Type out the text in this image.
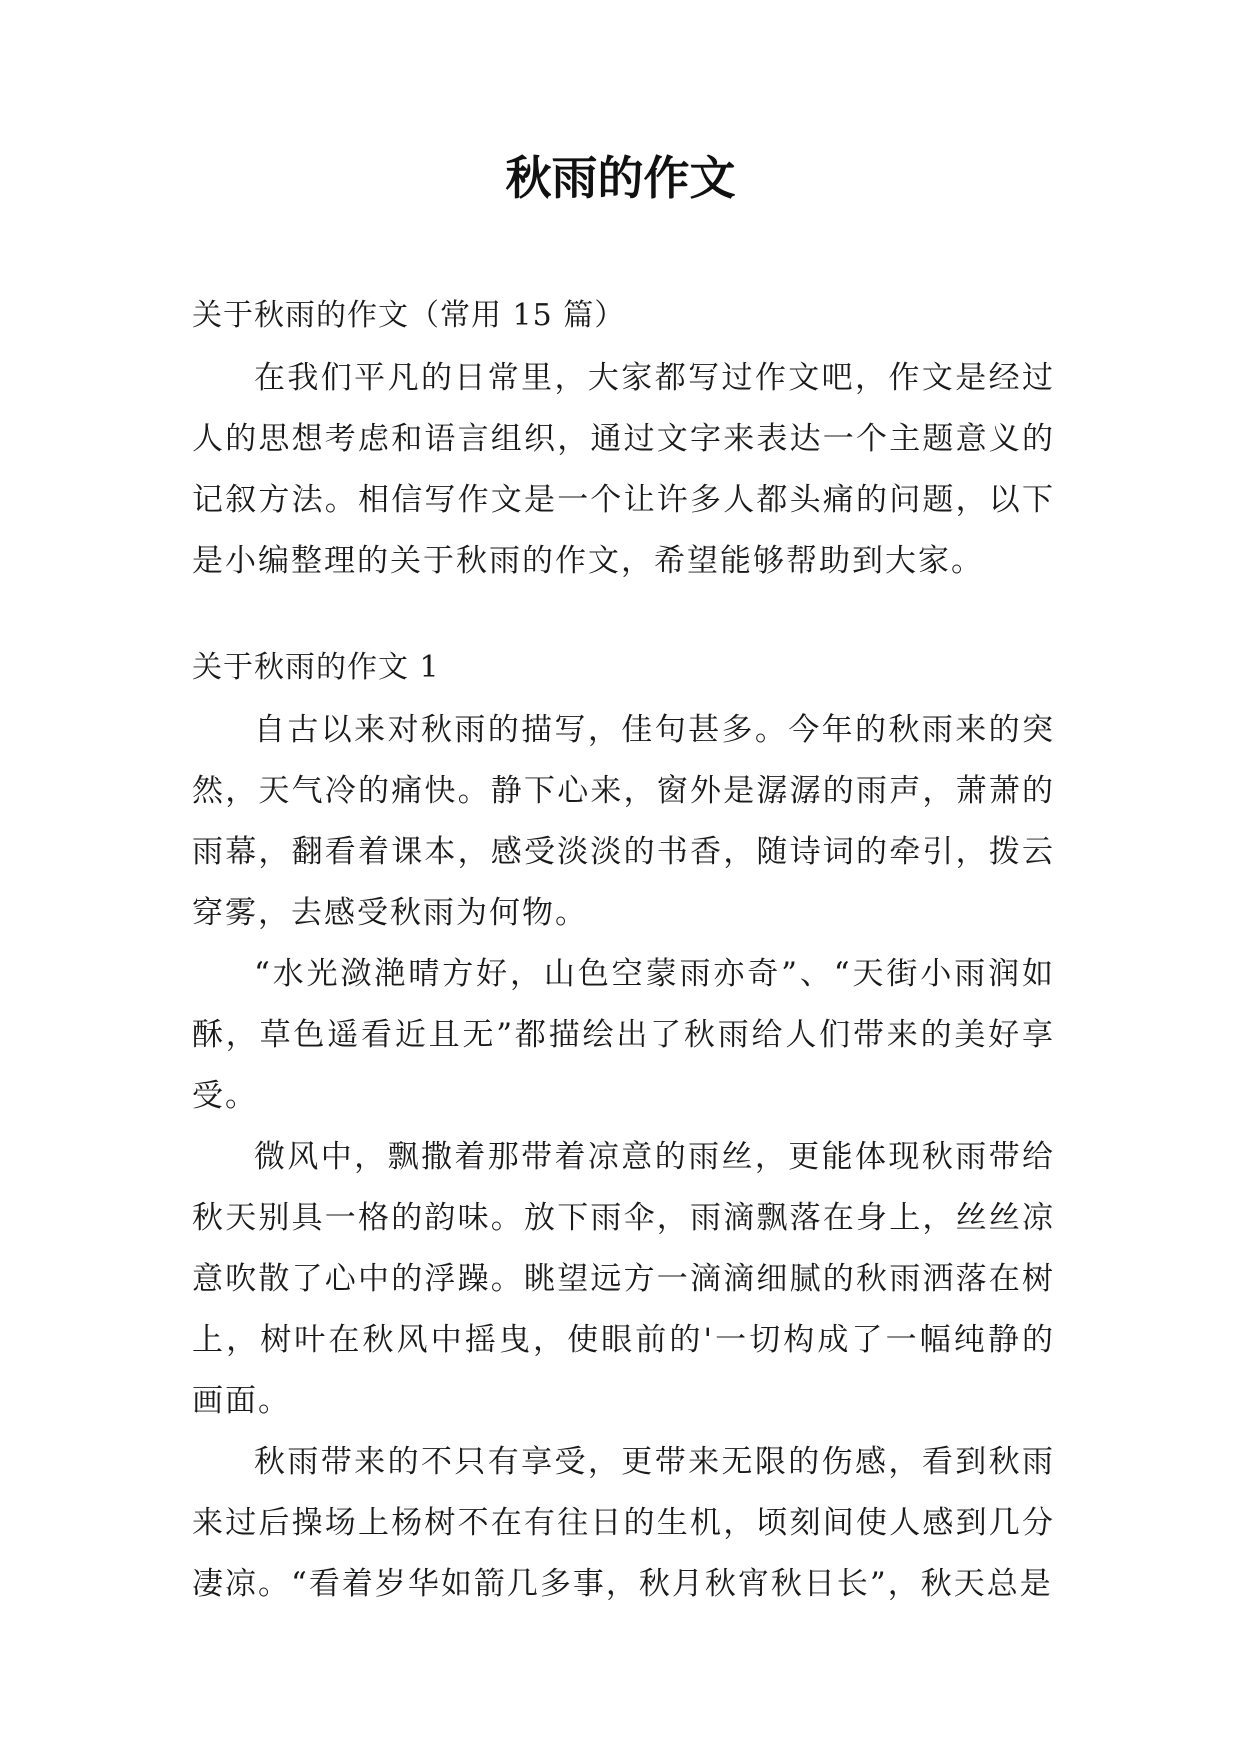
秋雨的作文

关于秋雨的作文（常用 15 篇）

在我们平凡的日常里，大家都写过作文吧，作文是经过人的思想考虑和语言组织，通过文字来表达一个主题意义的记叙方法。相信写作文是一个让许多人都头痛的问题，以下是小编整理的关于秋雨的作文，希望能够帮助到大家。

关于秋雨的作文 1

自古以来对秋雨的描写，佳句甚多。今年的秋雨来的突然，天气冷的痛快。静下心来，窗外是潺潺的雨声，萧萧的雨幕，翻看着课本，感受淡淡的书香，随诗词的牵引，拨云穿雾，去感受秋雨为何物。

“水光潋滟晴方好，山色空蒙雨亦奇”、“天街小雨润如酥，草色遥看近且无”都描绘出了秋雨给人们带来的美好享受。

微风中，飘撒着那带着凉意的雨丝，更能体现秋雨带给秋天别具一格的韵味。放下雨伞，雨滴飘落在身上，丝丝凉意吹散了心中的浮躁。眺望远方一滴滴细腻的秋雨洒落在树上，树叶在秋风中摇曳，使眼前的'一切构成了一幅纯静的画面。

秋雨带来的不只有享受，更带来无限的伤感，看到秋雨来过后操场上杨树不在有往日的生机，顷刻间使人感到几分凄凉。“看着岁华如箭几多事，秋月秋宵秋日长”，秋天总是
